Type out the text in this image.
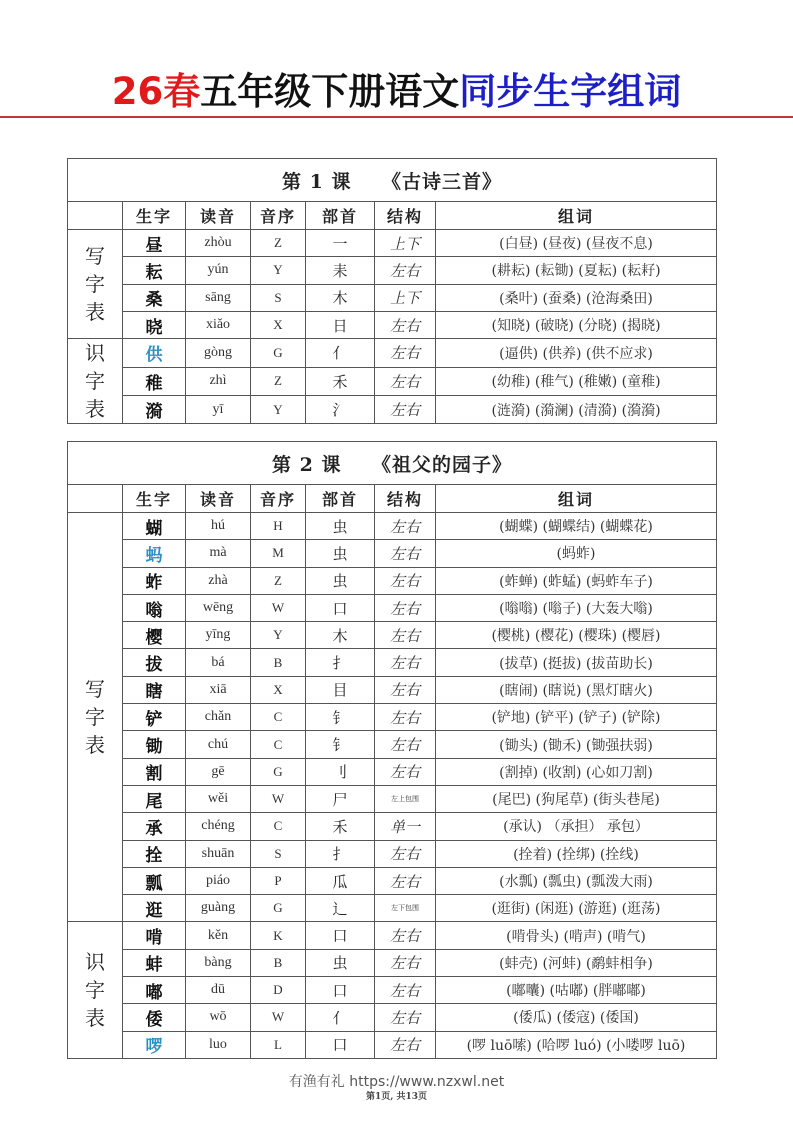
26春五年级下册语文同步生字组词
第 1 课　　《古诗三首》						
	生字	读音	音序	部首	结构	组词

写
字
表	昼	zhòu	Z	一	上下	(白昼) (昼夜) (昼夜不息)
	耘	yún	Y	耒	左右	(耕耘) (耘锄) (夏耘) (耘耔)
	桑	sāng	S	木	上下	(桑叶) (蚕桑) (沧海桑田)
	晓	xiǎo	X	日	左右	(知晓) (破晓) (分晓) (揭晓)

识
字
表	供	gòng	G	亻	左右	(逼供) (供养) (供不应求)
	稚	zhì	Z	禾	左右	(幼稚) (稚气) (稚嫩) (童稚)
	漪	yī	Y	氵	左右	(涟漪) (漪澜) (清漪) (漪漪)
第 2 课　　《祖父的园子》						
	生字	读音	音序	部首	结构	组词

写
字
表	蝴	hú	H	虫	左右	(蝴蝶) (蝴蝶结) (蝴蝶花)
	蚂	mà	M	虫	左右	(蚂蚱)
	蚱	zhà	Z	虫	左右	(蚱蝉) (蚱蜢) (蚂蚱车子)
	嗡	wēng	W	口	左右	(嗡嗡) (嗡子) (大轰大嗡)
	樱	yīng	Y	木	左右	(樱桃) (樱花) (樱珠) (樱唇)
	拔	bá	B	扌	左右	(拔草) (挺拔) (拔苗助长)
	瞎	xiā	X	目	左右	(瞎闹) (瞎说) (黑灯瞎火)
	铲	chǎn	C	钅	左右	(铲地) (铲平) (铲子) (铲除)
	锄	chú	C	钅	左右	(锄头) (锄禾) (锄强扶弱)
	割	gē	G	刂	左右	(割掉) (收割) (心如刀割)
	尾	wěi	W	尸	左上包围	(尾巴) (狗尾草) (街头巷尾)
	承	chéng	C	禾	单一	(承认) （承担） 承包）
	拴	shuān	S	扌	左右	(拴着) (拴绑) (拴线)
	瓢	piáo	P	瓜	左右	(水瓢) (瓢虫) (瓢泼大雨)
	逛	guàng	G	辶	左下包围	(逛街) (闲逛) (游逛) (逛荡)

识
字
表	啃	kěn	K	口	左右	(啃骨头) (啃声) (啃气)
	蚌	bàng	B	虫	左右	(蚌壳) (河蚌) (鹬蚌相争)
	嘟	dū	D	口	左右	(嘟囔) (咕嘟) (胖嘟嘟)
	倭	wō	W	亻	左右	(倭瓜) (倭寇) (倭国)
	啰	luo	L	口	左右	(啰 luō嗦) (哈啰 luó) (小喽啰 luō)
有渔有礼 https://www.nzxwl.net
第1页, 共13页
